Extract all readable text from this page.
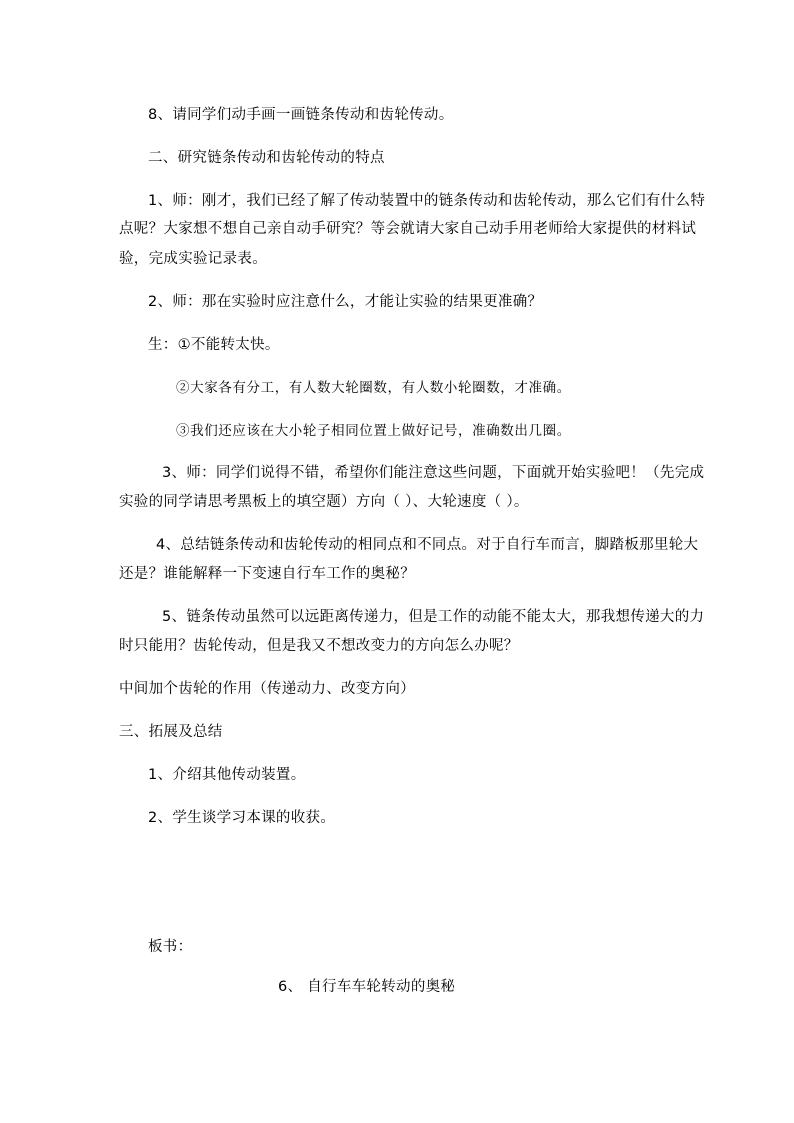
8、请同学们动手画一画链条传动和齿轮传动。
二、研究链条传动和齿轮传动的特点
1、师：刚才，我们已经了解了传动装置中的链条传动和齿轮传动，那么它们有什么特
点呢？大家想不想自己亲自动手研究？等会就请大家自己动手用老师给大家提供的材料试
验，完成实验记录表。
2、师：那在实验时应注意什么，才能让实验的结果更准确？
生：①不能转太快。
②大家各有分工，有人数大轮圈数，有人数小轮圈数，才准确。
③我们还应该在大小轮子相同位置上做好记号，准确数出几圈。
3、师：同学们说得不错，希望你们能注意这些问题，下面就开始实验吧！（先完成
实验的同学请思考黑板上的填空题）方向（ ）、大轮速度（ ）。
4、总结链条传动和齿轮传动的相同点和不同点。对于自行车而言，脚踏板那里轮大
还是？谁能解释一下变速自行车工作的奥秘？
5、链条传动虽然可以远距离传递力，但是工作的动能不能太大，那我想传递大的力
时只能用？齿轮传动，但是我又不想改变力的方向怎么办呢？
中间加个齿轮的作用（传递动力、改变方向）
三、拓展及总结
1、介绍其他传动装置。
2、学生谈学习本课的收获。
板书：
6、 自行车车轮转动的奥秘
